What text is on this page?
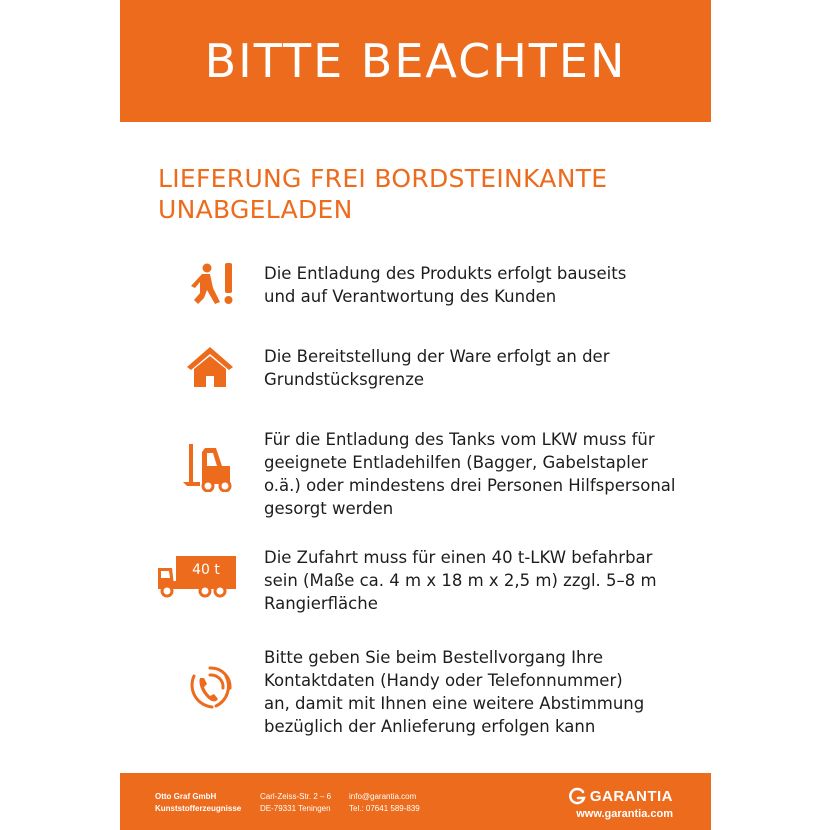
BITTE BEACHTEN
LIEFERUNG FREI BORDSTEINKANTE
UNABGELADEN
Die Entladung des Produkts erfolgt bauseits
und auf Verantwortung des Kunden
Die Bereitstellung der Ware erfolgt an der
Grundstücksgrenze
Für die Entladung des Tanks vom LKW muss für
geeignete Entladehilfen (Bagger, Gabelstapler
o.ä.) oder mindestens drei Personen Hilfspersonal
gesorgt werden
40 t
Die Zufahrt muss für einen 40 t-LKW befahrbar
sein (Maße ca. 4 m x 18 m x 2,5 m) zzgl. 5–8 m
Rangierfläche
Bitte geben Sie beim Bestellvorgang Ihre
Kontaktdaten (Handy oder Telefonnummer)
an, damit mit Ihnen eine weitere Abstimmung
bezüglich der Anlieferung erfolgen kann
Otto Graf GmbH
Kunststofferzeugnisse
Carl-Zeiss-Str. 2 – 6
DE-79331 Teningen
info@garantia.com
Tel.: 07641 589-839
GARANTIA
www.garantia.com
